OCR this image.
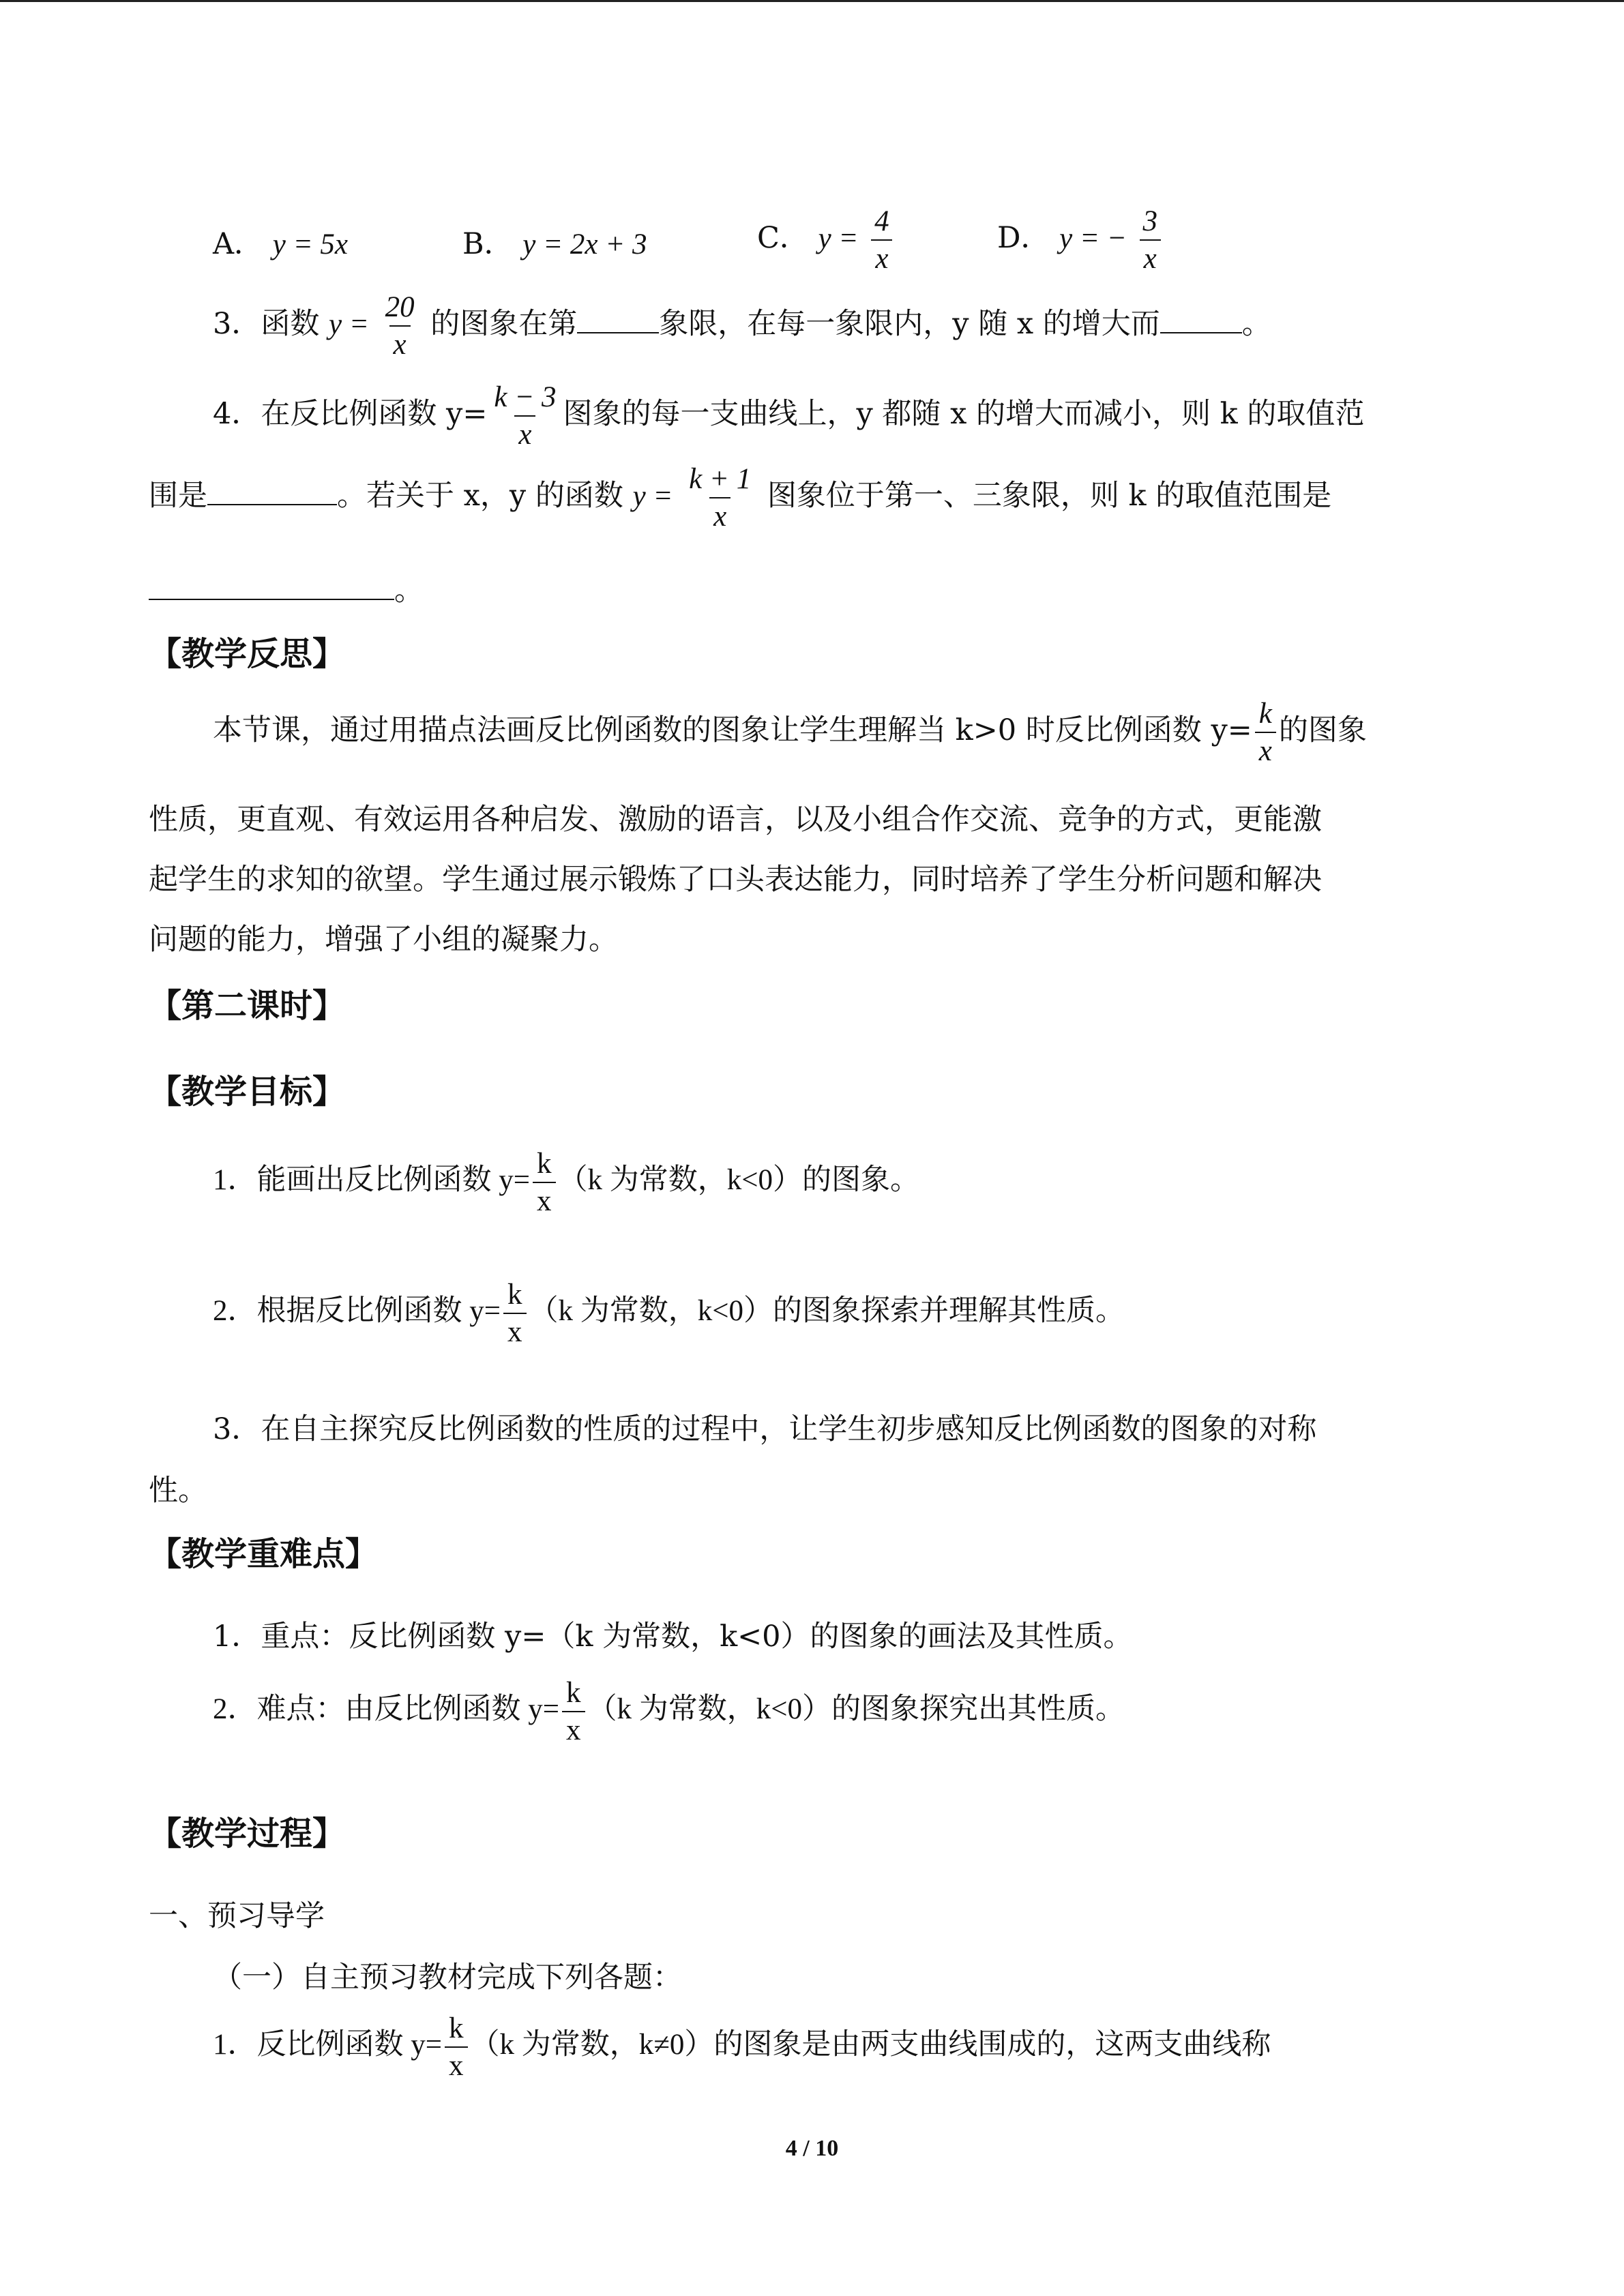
A． y = 5x	B． y = 2x + 3	C． $y = \frac{4}{x}$	D． y = − $\frac{3}{x}$
3．函数 $y = \frac{20}{x}$ 的图象在第	象限，在每一象限内，y 随 x 的增大而	。
4．在反比例函数 $y= \frac{k - 3}{x}$ 图象的每一支曲线上，y 都随 x 的增大而减小，则 k 的取值范
围是	。若关于 x，y 的函数 $y = \frac{k + 1}{x}$ 图象位于第一、三象限，则 k 的取值范围是
。
【教学反思】
本节课，通过用描点法画反比例函数的图象让学生理解当 k>0 时反比例函数 $y= \frac{k}{x}$ 的图象
性质，更直观、有效运用各种启发、激励的语言，以及小组合作交流、竞争的方式，更能激
起学生的求知的欲望。学生通过展示锻炼了口头表达能力，同时培养了学生分析问题和解决
问题的能力，增强了小组的凝聚力。
【第二课时】
【教学目标】
1．能画出反比例函数 $y= \frac{k}{x} (k$ 为常数，k<0）的图象。
2．根据反比例函数 $y= \frac{k}{x} (k$ 为常数，k<0）的图象探索并理解其性质。
3．在自主探究反比例函数的性质的过程中，让学生初步感知反比例函数的图象的对称
性。
【教学重难点】
1．重点：反比例函数 y=（k 为常数，k<0）的图象的画法及其性质。
2．难点：由反比例函数 $y= \frac{k}{x} (k$ 为常数，k<0）的图象探究出其性质。
【教学过程】
一、预习导学
（一）自主预习教材完成下列各题：
1．反比例函数 $y= \frac{k}{x} (k$ 为常数，k≠0）的图象是由两支曲线围成的，这两支曲线称
4 / 10
